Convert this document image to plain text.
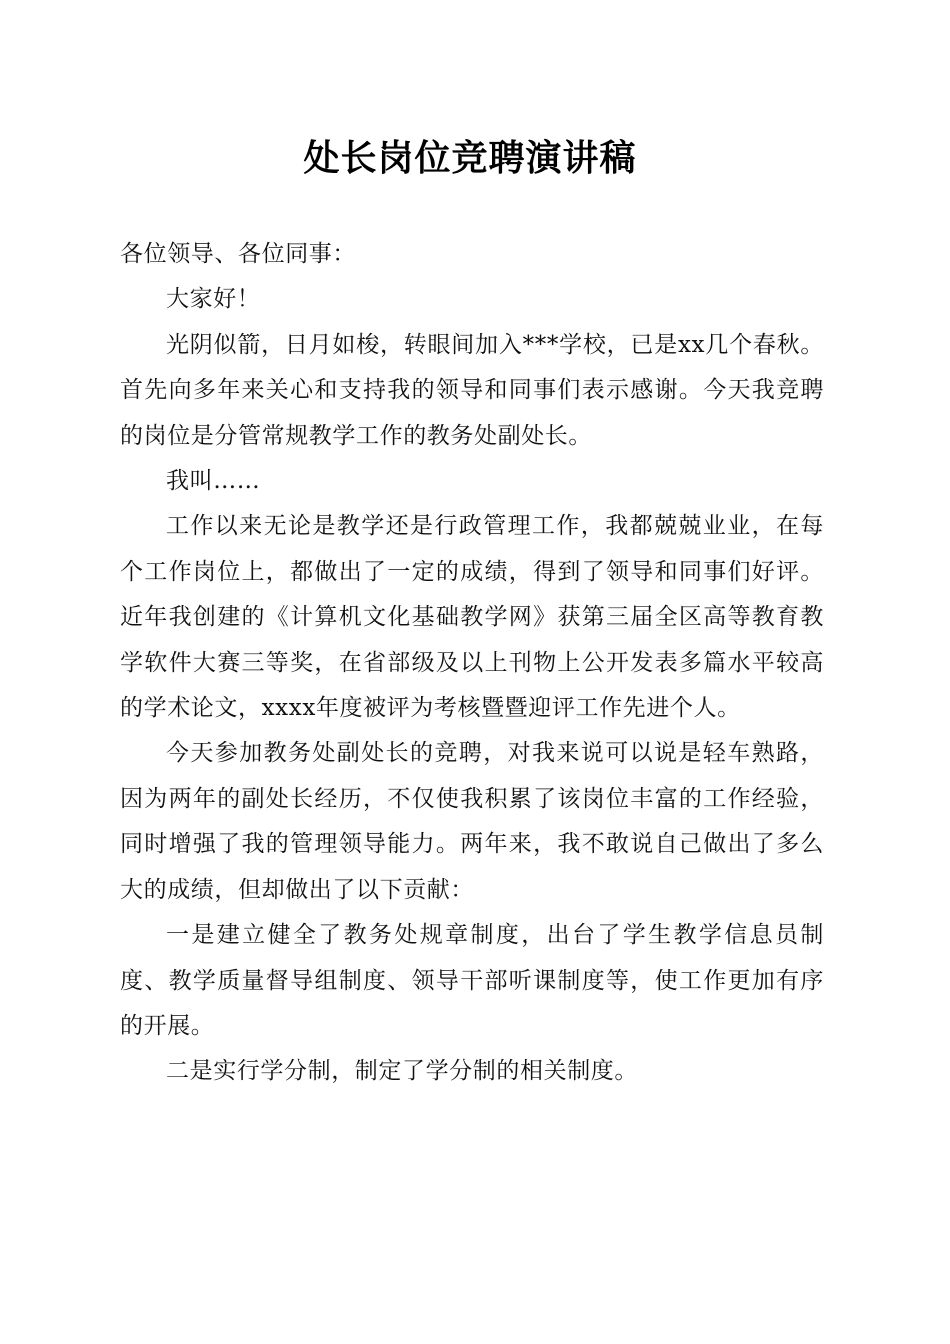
处长岗位竞聘演讲稿

各位领导、各位同事：

大家好！

光阴似箭，日月如梭，转眼间加入***学校，已是xx几个春秋。首先向多年来关心和支持我的领导和同事们表示感谢。今天我竞聘的岗位是分管常规教学工作的教务处副处长。

我叫……

工作以来无论是教学还是行政管理工作，我都兢兢业业，在每个工作岗位上，都做出了一定的成绩，得到了领导和同事们好评。近年我创建的《计算机文化基础教学网》获第三届全区高等教育教学软件大赛三等奖，在省部级及以上刊物上公开发表多篇水平较高的学术论文，xxxx年度被评为考核暨暨迎评工作先进个人。

今天参加教务处副处长的竞聘，对我来说可以说是轻车熟路，因为两年的副处长经历，不仅使我积累了该岗位丰富的工作经验，同时增强了我的管理领导能力。两年来，我不敢说自己做出了多么大的成绩，但却做出了以下贡献：

一是建立健全了教务处规章制度，出台了学生教学信息员制度、教学质量督导组制度、领导干部听课制度等，使工作更加有序的开展。

二是实行学分制，制定了学分制的相关制度。
